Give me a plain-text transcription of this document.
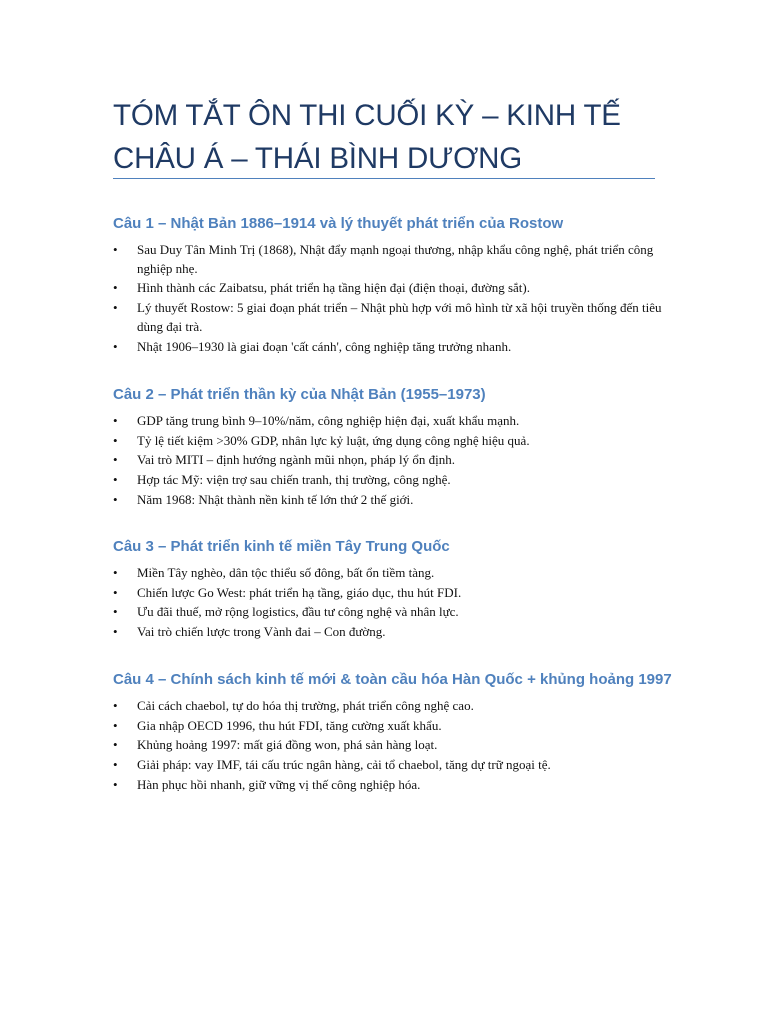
TÓM TẮT ÔN THI CUỐI KỲ – KINH TẾ CHÂU Á – THÁI BÌNH DƯƠNG
Câu 1 – Nhật Bản 1886–1914 và lý thuyết phát triển của Rostow
• Sau Duy Tân Minh Trị (1868), Nhật đẩy mạnh ngoại thương, nhập khẩu công nghệ, phát triển công nghiệp nhẹ.
• Hình thành các Zaibatsu, phát triển hạ tầng hiện đại (điện thoại, đường sắt).
• Lý thuyết Rostow: 5 giai đoạn phát triển – Nhật phù hợp với mô hình từ xã hội truyền thống đến tiêu dùng đại trà.
• Nhật 1906–1930 là giai đoạn 'cất cánh', công nghiệp tăng trưởng nhanh.
Câu 2 – Phát triển thần kỳ của Nhật Bản (1955–1973)
• GDP tăng trung bình 9–10%/năm, công nghiệp hiện đại, xuất khẩu mạnh.
• Tỷ lệ tiết kiệm >30% GDP, nhân lực kỷ luật, ứng dụng công nghệ hiệu quả.
• Vai trò MITI – định hướng ngành mũi nhọn, pháp lý ổn định.
• Hợp tác Mỹ: viện trợ sau chiến tranh, thị trường, công nghệ.
• Năm 1968: Nhật thành nền kinh tế lớn thứ 2 thế giới.
Câu 3 – Phát triển kinh tế miền Tây Trung Quốc
• Miền Tây nghèo, dân tộc thiểu số đông, bất ổn tiềm tàng.
• Chiến lược Go West: phát triển hạ tầng, giáo dục, thu hút FDI.
• Ưu đãi thuế, mở rộng logistics, đầu tư công nghệ và nhân lực.
• Vai trò chiến lược trong Vành đai – Con đường.
Câu 4 – Chính sách kinh tế mới & toàn cầu hóa Hàn Quốc + khủng hoảng 1997
• Cải cách chaebol, tự do hóa thị trường, phát triển công nghệ cao.
• Gia nhập OECD 1996, thu hút FDI, tăng cường xuất khẩu.
• Khủng hoảng 1997: mất giá đồng won, phá sản hàng loạt.
• Giải pháp: vay IMF, tái cấu trúc ngân hàng, cải tổ chaebol, tăng dự trữ ngoại tệ.
• Hàn phục hồi nhanh, giữ vững vị thế công nghiệp hóa.
